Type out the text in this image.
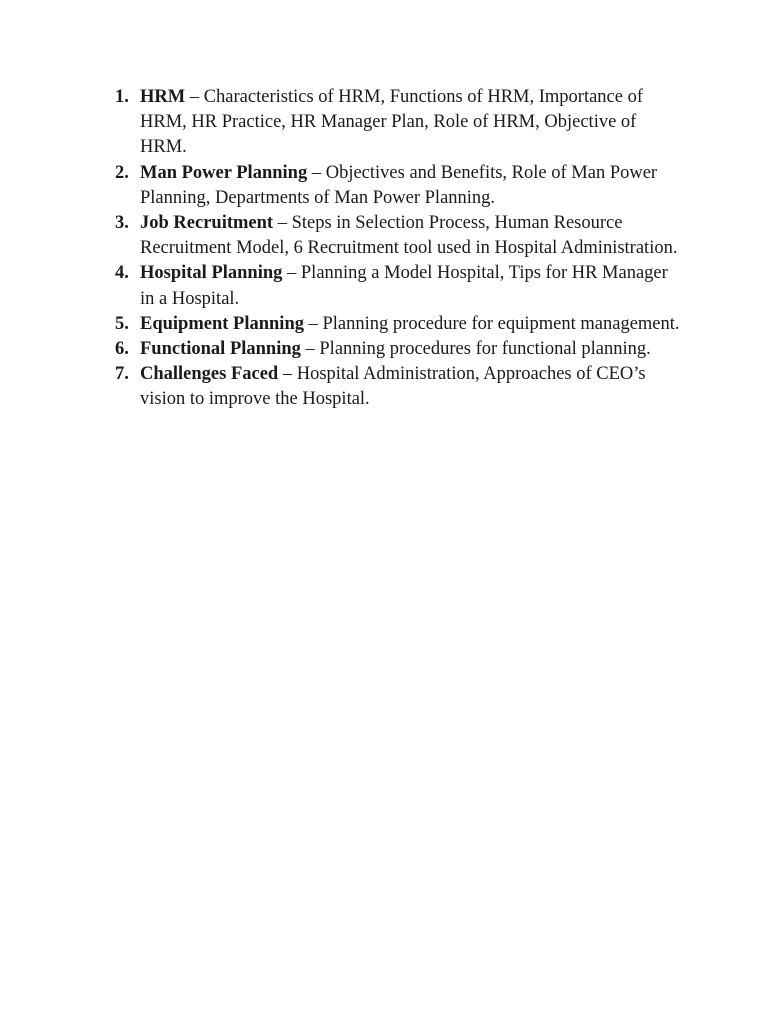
1. HRM – Characteristics of HRM, Functions of HRM, Importance of HRM, HR Practice, HR Manager Plan, Role of HRM, Objective of HRM.
2. Man Power Planning – Objectives and Benefits, Role of Man Power Planning, Departments of Man Power Planning.
3. Job Recruitment – Steps in Selection Process, Human Resource Recruitment Model, 6 Recruitment tool used in Hospital Administration.
4. Hospital Planning – Planning a Model Hospital, Tips for HR Manager in a Hospital.
5. Equipment Planning – Planning procedure for equipment management.
6. Functional Planning – Planning procedures for functional planning.
7. Challenges Faced – Hospital Administration, Approaches of CEO’s vision to improve the Hospital.
